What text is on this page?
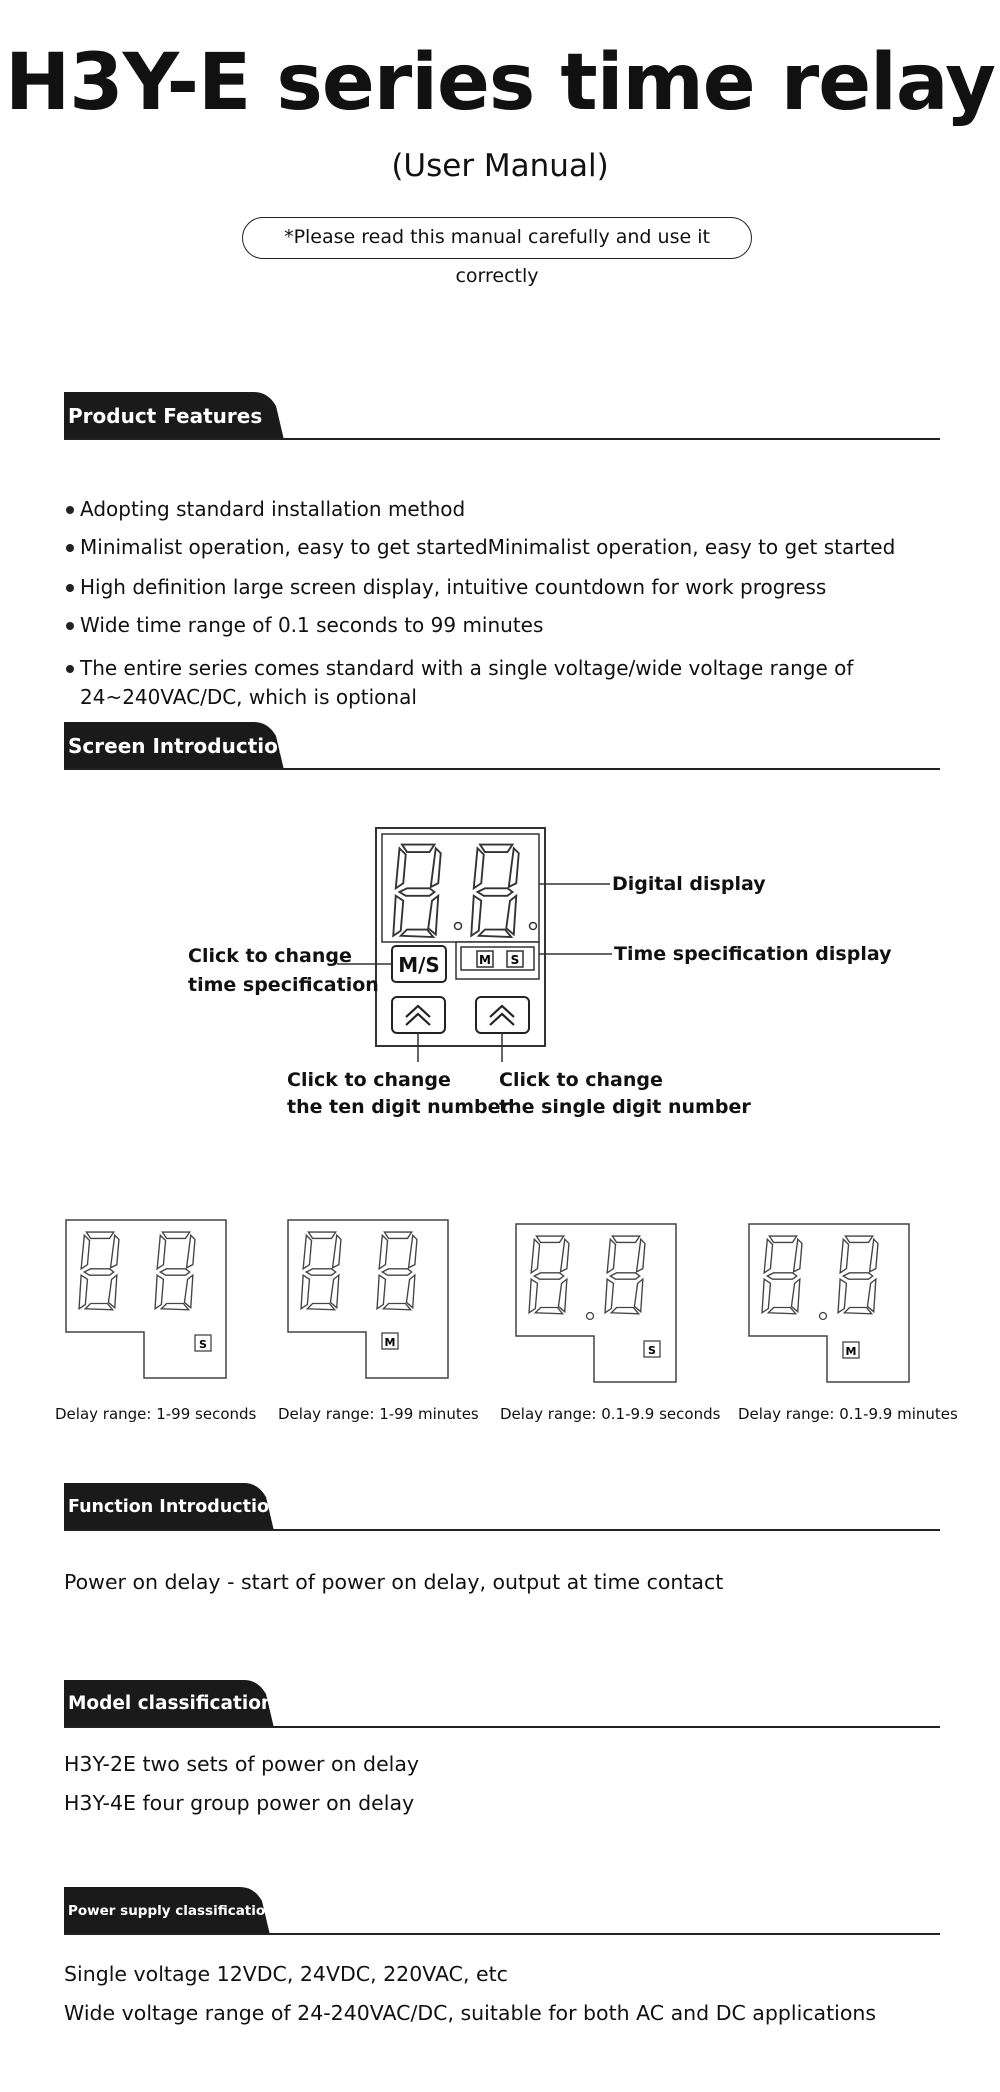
H3Y-E series time relay
(User Manual)
*Please read this manual carefully and use it correctly
Product Features
Adopting standard installation method
Minimalist operation, easy to get startedMinimalist operation, easy to get started
High definition large screen display, intuitive countdown for work progress
Wide time range of 0.1 seconds to 99 minutes
The entire series comes standard with a single voltage/wide voltage range of 24~240VAC/DC, which is optional
Screen Introduction
M/S	M S
Digital display
Time specification display
Click to change
time specification
Click to change
the ten digit number
Click to change
the single digit number
S	M
S	M
Delay range: 1-99 seconds Delay range: 1-99 minutes Delay range: 0.1-9.9 seconds Delay range: 0.1-9.9 minutes
Function Introduction
Power on delay - start of power on delay, output at time contact
Model classification
H3Y-2E two sets of power on delay
H3Y-4E four group power on delay
Power supply classification
Single voltage 12VDC, 24VDC, 220VAC, etc
Wide voltage range of 24-240VAC/DC, suitable for both AC and DC applications
